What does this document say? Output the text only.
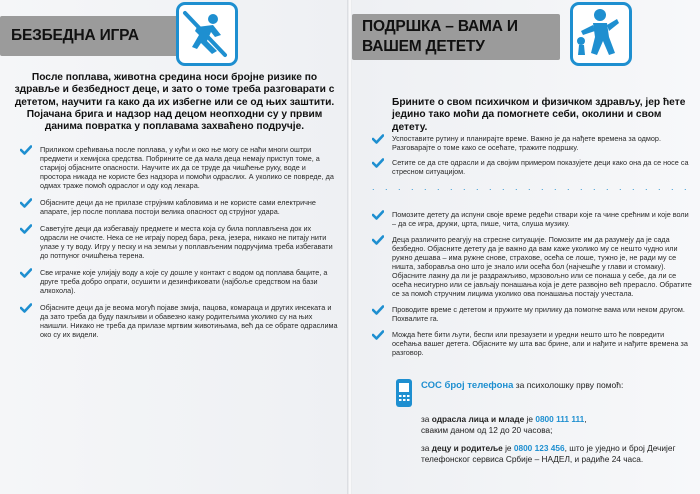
БЕЗБЕДНА ИГРА
После поплава, животна средина носи бројне ризике по здравље и безбедност деце, и зато о томе треба разговарати с дететом, научити га како да их избегне или се од њих заштити. Појачана брига и надзор над децом неопходни су у првим данима повратка у поплавама захваћено подручје.
Приликом срећивања после поплава, у кући и око ње могу се наћи многи оштри предмети и хемијска средства. Побрините се да мала деца немају приступ томе, а старијој објасните опасности. Научите их да се труде да чишћење руку, воде и простора никада не користе без надзора и помоћи одраслих. А уколико се повреде, да одмах траже помоћ одраслог и оду код лекара.
Објасните деци да не прилазе струјним кабловима и не користе сами електричне апарате, јер после поплава постоји велика опасност од струјног удара.
Саветујте деци да избегавају предмете и места која су била поплављена док их одрасли не очисте. Нека се не играју поред бара, река, језера, никако не питају нити улазе у ту воду. Игру у песку и на земљи у поплављеним подручјима треба избегавати до потпуног очишћења терена.
Све играчке које улијају воду а које су дошле у контакт с водом од поплава баците, а друге треба добро опрати, осушити и дезинфиковати (најбоље средством на бази алкохола).
Објасните деци да је веома могућ појаве змија, пацова, комараца и других инсеката и да зато треба да буду пажљиви и обавезно кажу родитељима уколико су на њих наишли. Никако не треба да прилазе мртвим животињама, већ да се обрате одраслима око су их видели.
ПОДРШКА – ВАМА И ВАШЕМ ДЕТЕТУ
Брините о свом психичком и физичком здрављу, јер ћете једино тако моћи да помогнете себи, околини и свом детету.
Успоставите рутину и планирајте време. Важно је да нађете времена за одмор. Разговарајте о томе како се осећате, тражите подршку.
Сетите се да сте одрасли и да својим примером показујете деци како она да се носе са стресном ситуацијом.
. . . . . . . . . . . . . . . . . . . . . . . . .
Помозите детету да испуни своје време редећи ствари које га чине срећним и које воли – да се игра, дружи, црта, пише, чита, слуша музику.
Деца различито реагују на стресне ситуације. Помозите им да разумеју да је сада безбедно. Објасните детету да је важно да вам каже уколико му се нешто чудно или ружно дешава – има ружне снове, страхове, осећа се лоше, тужно је, не ради му се ништа, заборавља оно што је знало или осећа бол (најчешће у глави и стомаку). Објасните лажну да ли је раздражљиво, мрзовољно или се понаша у себе, да ли се осећа несигурно или се јављају понашања која је дете развојно већ прерасло. Обратите се за помоћ стручним лицима уколико ова понашања постају учестала.
Проводите време с дететом и пружите му прилику да помогне вама или неком другом. Похвалите га.
Можда ћете бити љути, беспи или презаузети и уредни нешто што ће повредити осећања вашег детета. Објасните му шта вас брине, али и нађите и нађите времена за разговор.
СОС број телефона за психолошку прву помоћ:
за одрасла лица и младе је 0800 111 111,
сваким даном од 12 до 20 часова;
за децу и родитеље је 0800 123 456, што је уједно и број Дечијег телефонског сервиса Србије – НАДЕЛ, и радиће 24 часа.
